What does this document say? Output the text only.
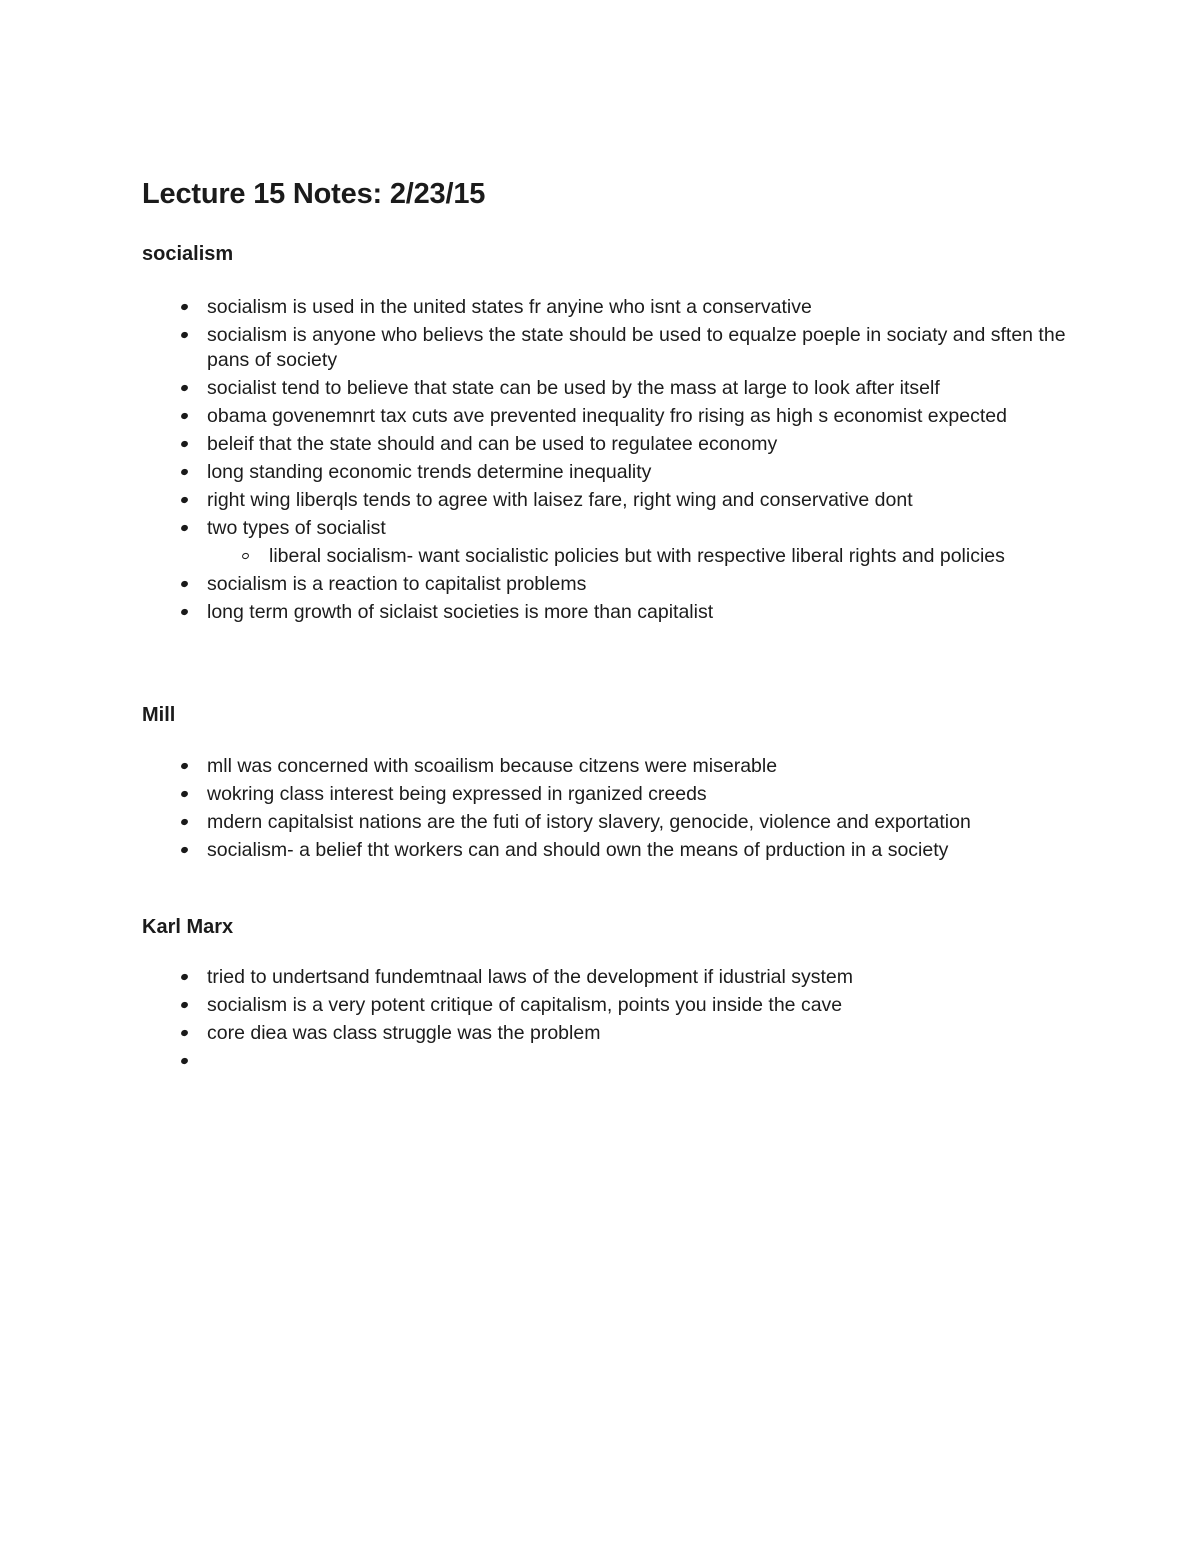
Lecture 15 Notes: 2/23/15
socialism
socialism is used in the united states fr anyine who isnt a conservative
socialism is anyone who believs the state should be used to equalze poeple in sociaty and sften the pans of society
socialist tend to believe that state can be used by the mass at large to look after itself
obama govenemnrt tax cuts ave prevented inequality fro rising as high s economist expected
beleif that the state should and can be used to regulatee economy
long standing economic trends determine inequality
right wing liberqls tends to agree with laisez fare, right wing and conservative dont
two types of socialist
liberal socialism- want socialistic policies but with respective liberal rights and policies
socialism is a reaction to capitalist problems
long term growth of siclaist societies is more than capitalist
Mill
mll was concerned with scoailism because citzens were miserable
wokring class interest being expressed in rganized creeds
mdern capitalsist nations are the futi of istory slavery, genocide, violence and exportation
socialism- a belief tht workers can and should own the means of prduction in a society
Karl Marx
tried to undertsand fundemtnaal laws of the development if idustrial system
socialism is a very potent critique of capitalism, points you inside the cave
core diea was class struggle was the problem
